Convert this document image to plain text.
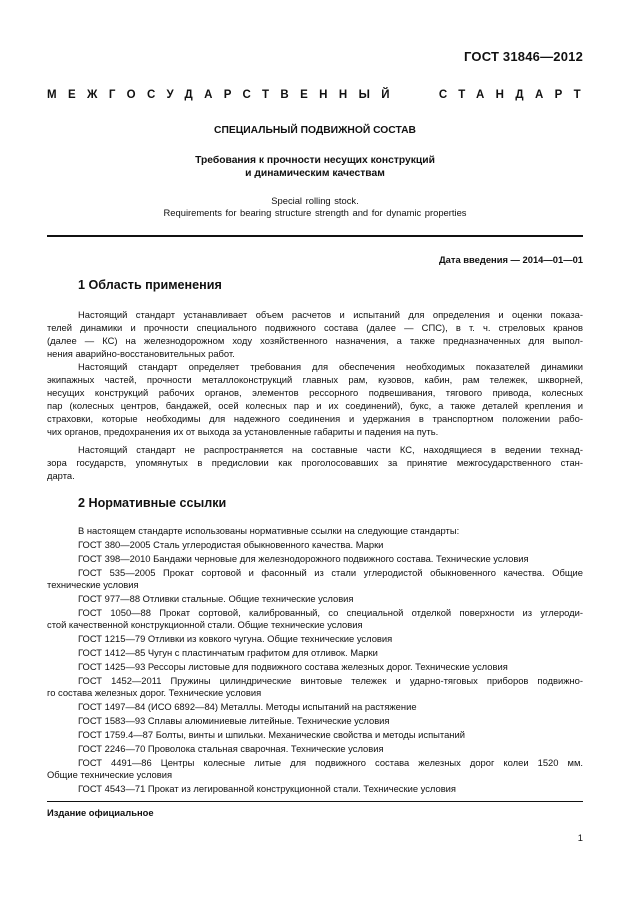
ГОСТ 31846—2012
МЕЖГОСУДАРСТВЕННЫЙ	СТАНДАРТ
СПЕЦИАЛЬНЫЙ ПОДВИЖНОЙ СОСТАВ
Требования к прочности несущих конструкций
и динамическим качествам
Special rolling stock.
Requirements for bearing structure strength and for dynamic properties
Дата введения — 2014—01—01
1 Область применения
Настоящий стандарт устанавливает объем расчетов и испытаний для определения и оценки показа-
телей динамики и прочности специального подвижного состава (далее — СПС), в т. ч. стреловых кранов
(далее — КС) на железнодорожном ходу хозяйственного назначения, а также предназначенных для выпол-
нения аварийно-восстановительных работ.
Настоящий стандарт определяет требования для обеспечения необходимых показателей динамики
экипажных частей, прочности металлоконструкций главных рам, кузовов, кабин, рам тележек, шкворней,
несущих конструкций рабочих органов, элементов рессорного подвешивания, тягового привода, колесных
пар (колесных центров, бандажей, осей колесных пар и их соединений), букс, а также деталей крепления и
страховки, которые необходимы для надежного соединения и удержания в транспортном положении рабо-
чих органов, предохранения их от выхода за установленные габариты и падения на путь.
Настоящий стандарт не распространяется на составные части КС, находящиеся в ведении технад-
зора государств, упомянутых в предисловии как проголосовавших за принятие межгосударственного стан-
дарта.
2 Нормативные ссылки
В настоящем стандарте использованы нормативные ссылки на следующие стандарты:
ГОСТ 380—2005 Сталь углеродистая обыкновенного качества. Марки
ГОСТ 398—2010 Бандажи черновые для железнодорожного подвижного состава. Технические условия
ГОСТ 535—2005 Прокат сортовой и фасонный из стали углеродистой обыкновенного качества. Общие
технические условия
ГОСТ 977—88 Отливки стальные. Общие технические условия
ГОСТ 1050—88 Прокат сортовой, калиброванный, со специальной отделкой поверхности из углероди-
стой качественной конструкционной стали. Общие технические условия
ГОСТ 1215—79 Отливки из ковкого чугуна. Общие технические условия
ГОСТ 1412—85 Чугун с пластинчатым графитом для отливок. Марки
ГОСТ 1425—93 Рессоры листовые для подвижного состава железных дорог. Технические условия
ГОСТ 1452—2011 Пружины цилиндрические винтовые тележек и ударно-тяговых приборов подвижно-
го состава железных дорог. Технические условия
ГОСТ 1497—84 (ИСО 6892—84) Металлы. Методы испытаний на растяжение
ГОСТ 1583—93 Сплавы алюминиевые литейные. Технические условия
ГОСТ 1759.4—87 Болты, винты и шпильки. Механические свойства и методы испытаний
ГОСТ 2246—70 Проволока стальная сварочная. Технические условия
ГОСТ 4491—86 Центры колесные литые для подвижного состава железных дорог колеи 1520 мм.
Общие технические условия
ГОСТ 4543—71 Прокат из легированной конструкционной стали. Технические условия
Издание официальное
1
